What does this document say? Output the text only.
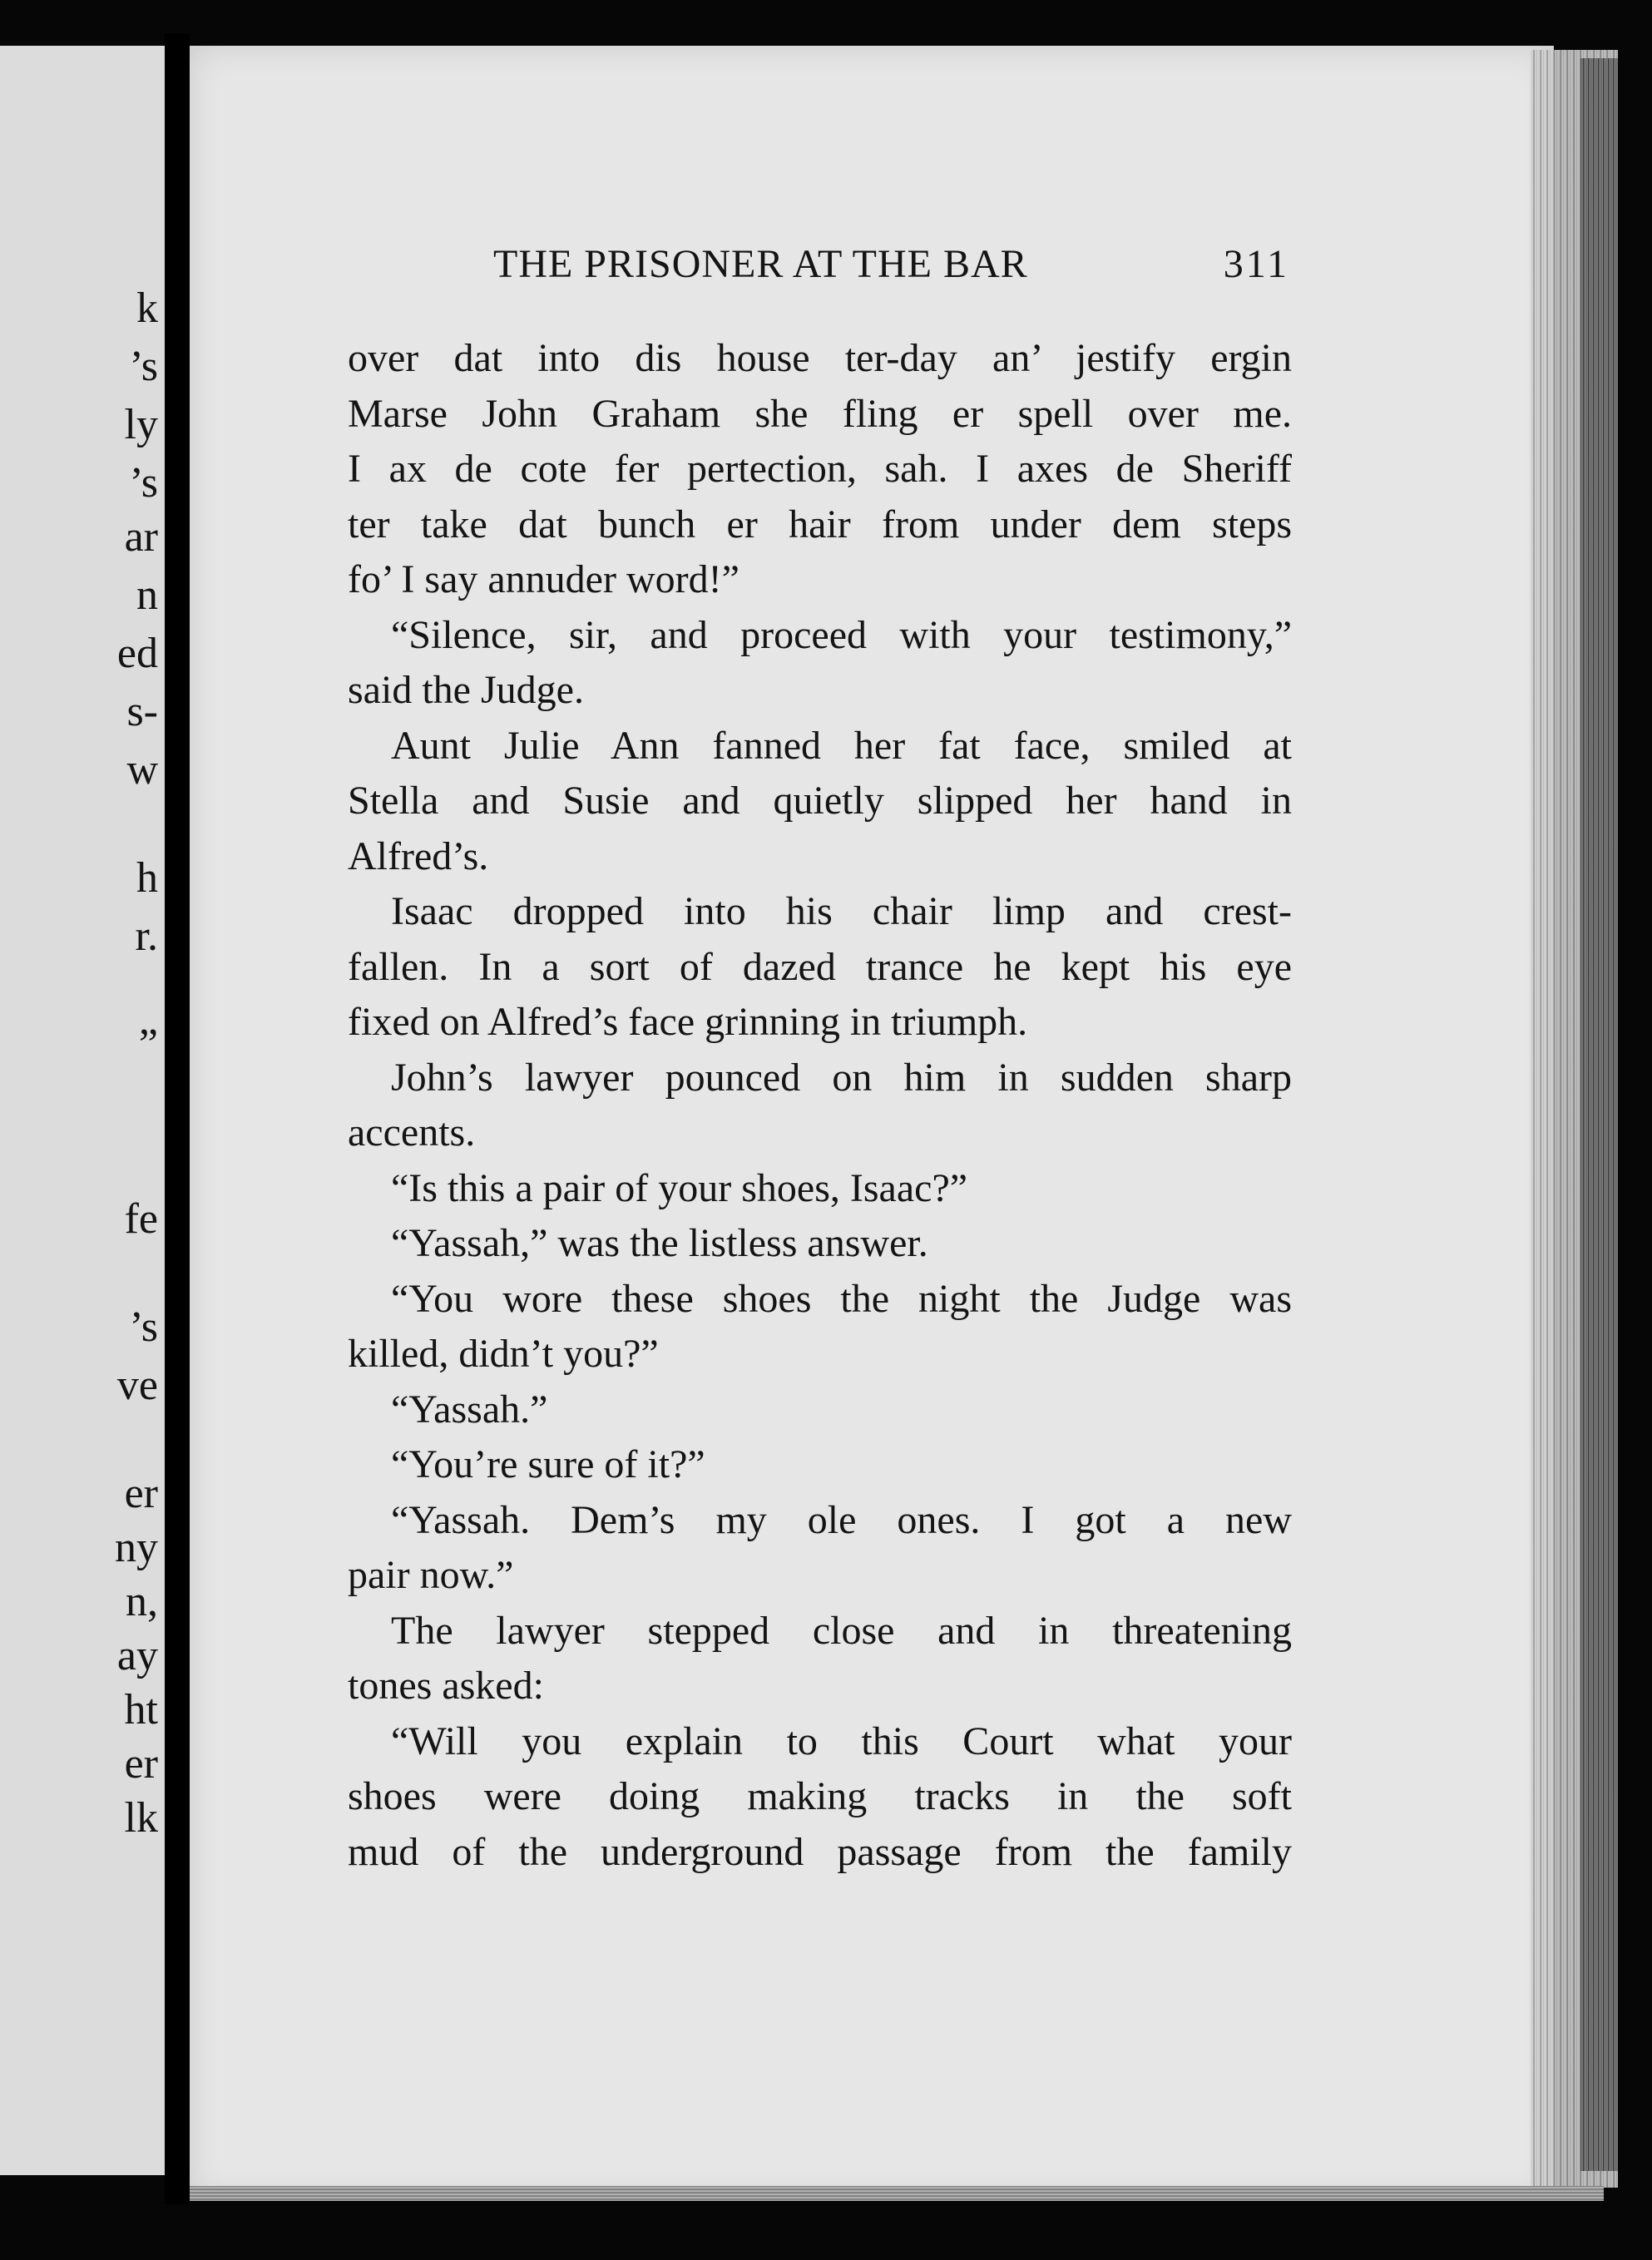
k
’s
ly
’s
ar
n
ed
s-
w
h
r.
”
fe
’s
ve
er
ny
n,
ay
ht
er
lk
THE PRISONER AT THE BAR	311
over dat into dis house ter-day an’ jestify ergin
Marse John Graham she fling er spell over me.
I ax de cote fer pertection, sah. I axes de Sheriff
ter take dat bunch er hair from under dem steps
fo’ I say annuder word!”
“Silence, sir, and proceed with your testimony,”
said the Judge.
Aunt Julie Ann fanned her fat face, smiled at
Stella and Susie and quietly slipped her hand in
Alfred’s.
Isaac dropped into his chair limp and crest-
fallen. In a sort of dazed trance he kept his eye
fixed on Alfred’s face grinning in triumph.
John’s lawyer pounced on him in sudden sharp
accents.
“Is this a pair of your shoes, Isaac?”
“Yassah,” was the listless answer.
“You wore these shoes the night the Judge was
killed, didn’t you?”
“Yassah.”
“You’re sure of it?”
“Yassah. Dem’s my ole ones. I got a new
pair now.”
The lawyer stepped close and in threatening
tones asked:
“Will you explain to this Court what your
shoes were doing making tracks in the soft
mud of the underground passage from the family
